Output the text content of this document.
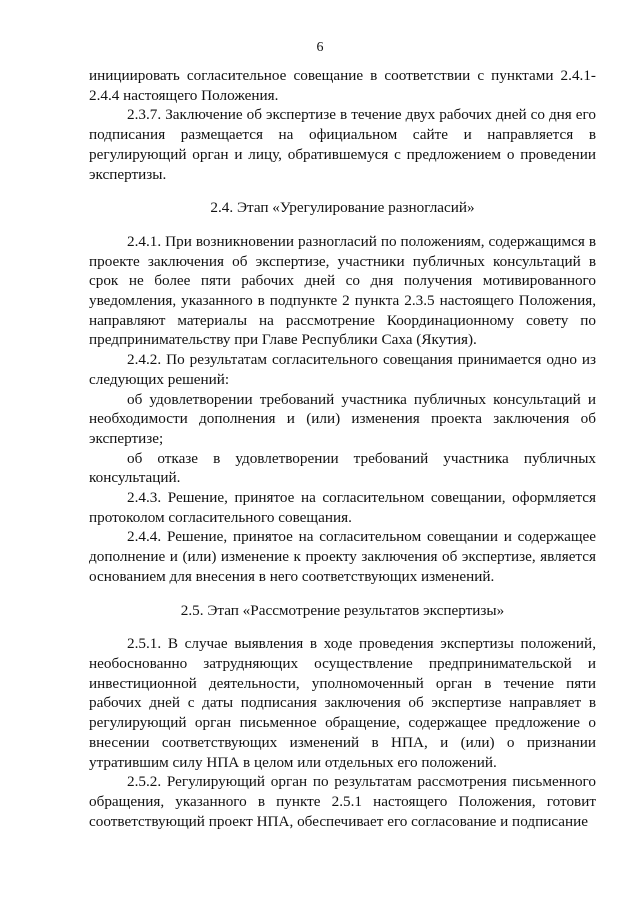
6

инициировать согласительное совещание в соответствии с пунктами 2.4.1-2.4.4 настоящего Положения.

2.3.7. Заключение об экспертизе в течение двух рабочих дней со дня его подписания размещается на официальном сайте и направляется в регулирующий орган и лицу, обратившемуся с предложением о проведении экспертизы.

2.4. Этап «Урегулирование разногласий»

2.4.1. При возникновении разногласий по положениям, содержащимся в проекте заключения об экспертизе, участники публичных консультаций в срок не более пяти рабочих дней со дня получения мотивированного уведомления, указанного в подпункте 2 пункта 2.3.5 настоящего Положения, направляют материалы на рассмотрение Координационному совету по предпринимательству при Главе Республики Саха (Якутия).

2.4.2. По результатам согласительного совещания принимается одно из следующих решений:

об удовлетворении требований участника публичных консультаций и необходимости дополнения и (или) изменения проекта заключения об экспертизе;

об отказе в удовлетворении требований участника публичных консультаций.

2.4.3. Решение, принятое на согласительном совещании, оформляется протоколом согласительного совещания.

2.4.4. Решение, принятое на согласительном совещании и содержащее дополнение и (или) изменение к проекту заключения об экспертизе, является основанием для внесения в него соответствующих изменений.

2.5. Этап «Рассмотрение результатов экспертизы»

2.5.1. В случае выявления в ходе проведения экспертизы положений, необоснованно затрудняющих осуществление предпринимательской и инвестиционной деятельности, уполномоченный орган в течение пяти рабочих дней с даты подписания заключения об экспертизе направляет в регулирующий орган письменное обращение, содержащее предложение о внесении соответствующих изменений в НПА, и (или) о признании утратившим силу НПА в целом или отдельных его положений.

2.5.2. Регулирующий орган по результатам рассмотрения письменного обращения, указанного в пункте 2.5.1 настоящего Положения, готовит соответствующий проект НПА, обеспечивает его согласование и подписание
